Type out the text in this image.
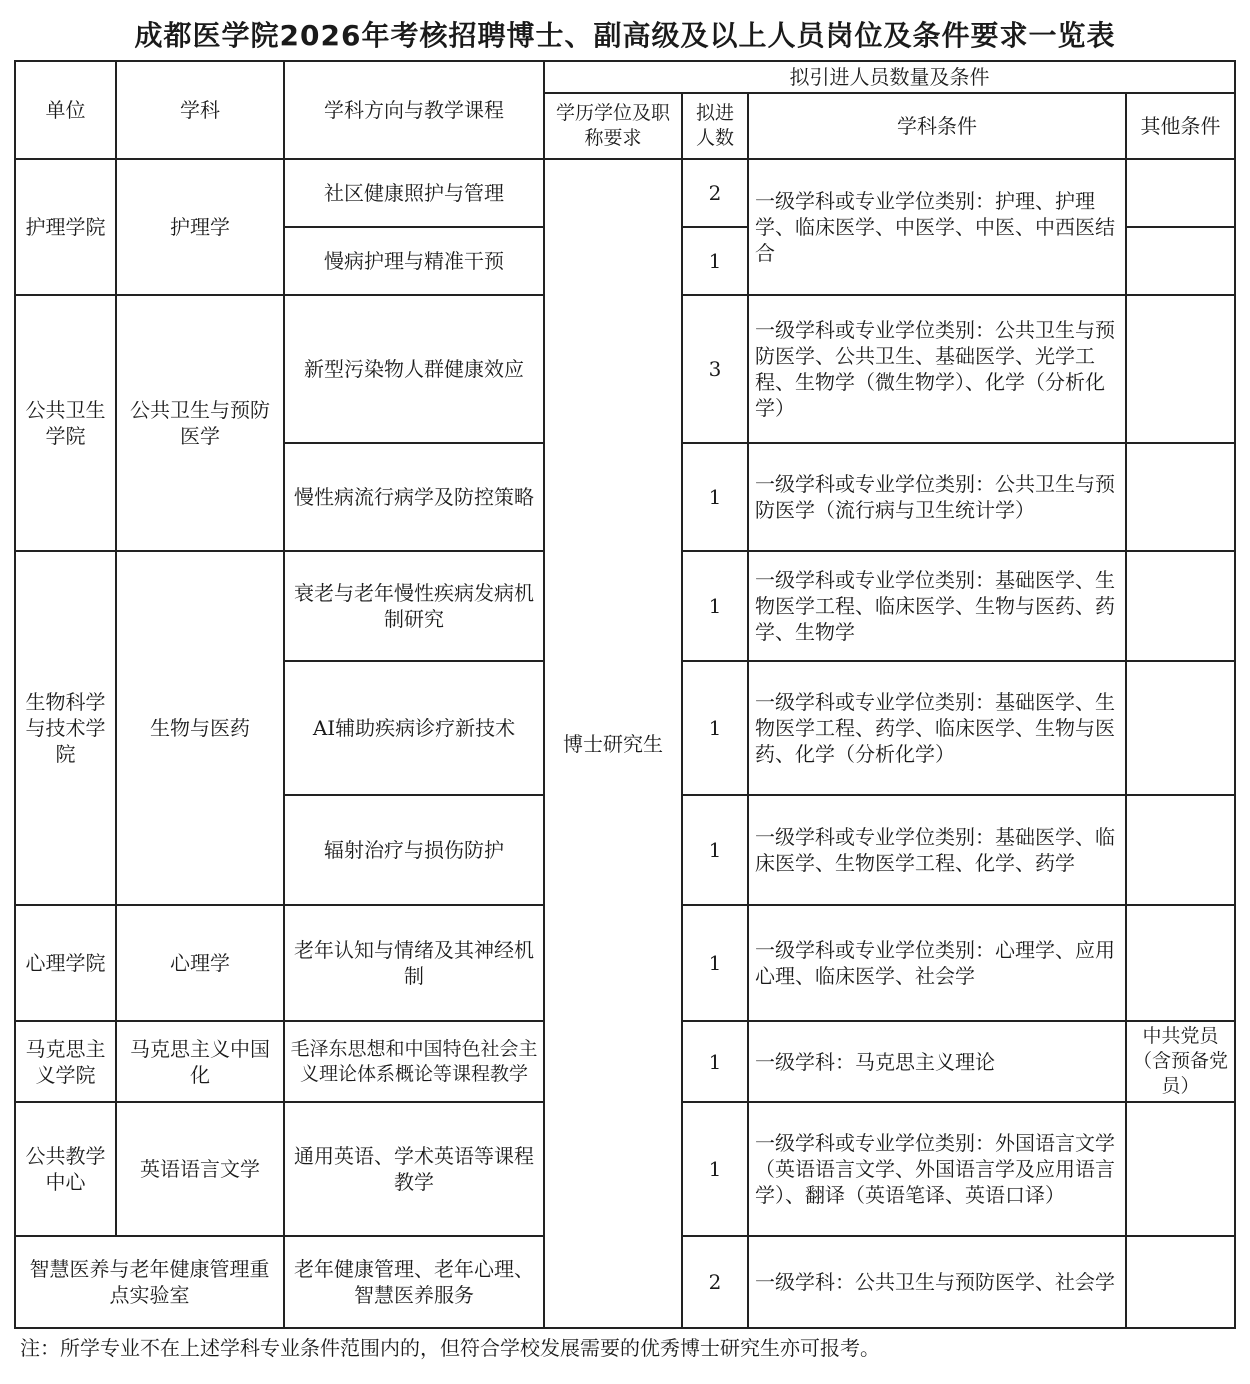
成都医学院2026年考核招聘博士、副高级及以上人员岗位及条件要求一览表
单位	学科	学科方向与教学课程	拟引进人员数量及条件			
			学历学位及职称要求	拟进人数	学科条件	其他条件
护理学院	护理学	社区健康照护与管理	博士研究生	2	一级学科或专业学位类别：护理、护理学、临床医学、中医学、中医、中西医结合	
		慢病护理与精准干预		1		
公共卫生学院	公共卫生与预防医学	新型污染物人群健康效应		3	一级学科或专业学位类别：公共卫生与预防医学、公共卫生、基础医学、光学工程、生物学（微生物学）、化学（分析化学）	
		慢性病流行病学及防控策略		1	一级学科或专业学位类别：公共卫生与预防医学（流行病与卫生统计学）	
生物科学与技术学院	生物与医药	衰老与老年慢性疾病发病机制研究		1	一级学科或专业学位类别：基础医学、生物医学工程、临床医学、生物与医药、药学、生物学	
		AI辅助疾病诊疗新技术		1	一级学科或专业学位类别：基础医学、生物医学工程、药学、临床医学、生物与医药、化学（分析化学）	
		辐射治疗与损伤防护		1	一级学科或专业学位类别：基础医学、临床医学、生物医学工程、化学、药学	
心理学院	心理学	老年认知与情绪及其神经机制		1	一级学科或专业学位类别：心理学、应用心理、临床医学、社会学	
马克思主义学院	马克思主义中国化	毛泽东思想和中国特色社会主义理论体系概论等课程教学		1	一级学科：马克思主义理论	中共党员（含预备党员）
公共教学中心	英语语言文学	通用英语、学术英语等课程教学		1	一级学科或专业学位类别：外国语言文学（英语语言文学、外国语言学及应用语言学）、翻译（英语笔译、英语口译）	
智慧医养与老年健康管理重点实验室		老年健康管理、老年心理、智慧医养服务		2	一级学科：公共卫生与预防医学、社会学	
注：所学专业不在上述学科专业条件范围内的，但符合学校发展需要的优秀博士研究生亦可报考。
